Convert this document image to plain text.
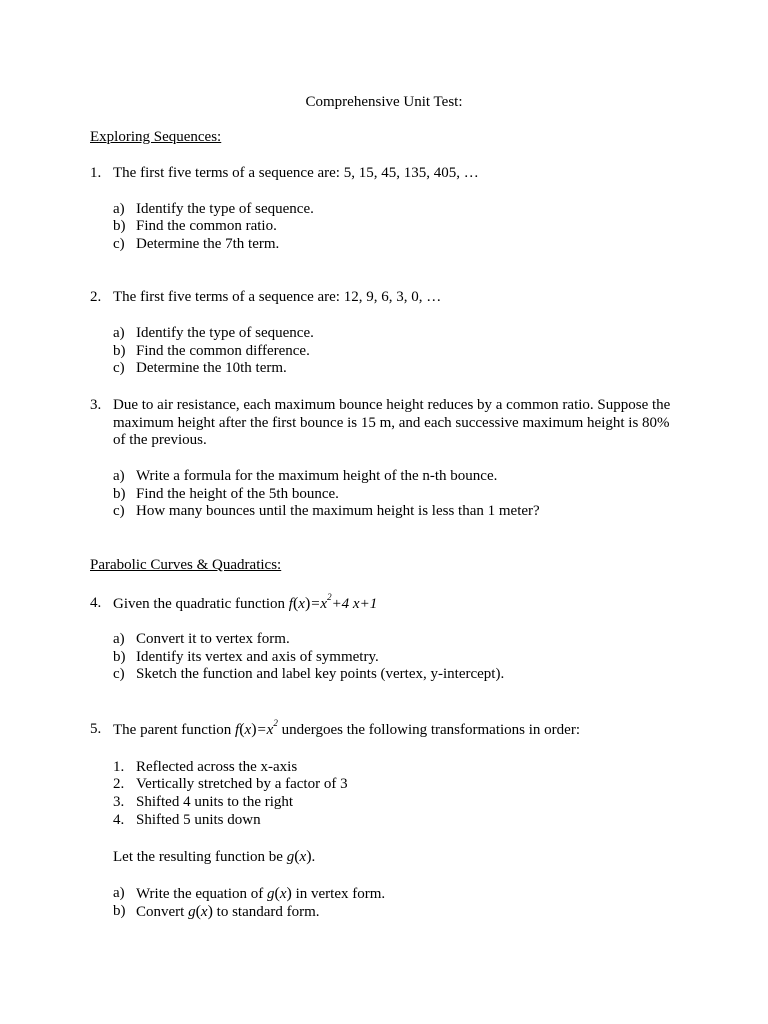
Comprehensive Unit Test:
Exploring Sequences:
1. The first five terms of a sequence are: 5, 15, 45, 135, 405, …
a) Identify the type of sequence.
b) Find the common ratio.
c) Determine the 7th term.
2. The first five terms of a sequence are: 12, 9, 6, 3, 0, …
a) Identify the type of sequence.
b) Find the common difference.
c) Determine the 10th term.
3. Due to air resistance, each maximum bounce height reduces by a common ratio. Suppose the maximum height after the first bounce is 15 m, and each successive maximum height is 80% of the previous.
a) Write a formula for the maximum height of the n-th bounce.
b) Find the height of the 5th bounce.
c) How many bounces until the maximum height is less than 1 meter?
Parabolic Curves & Quadratics:
4. Given the quadratic function $f(x)=x^2+4$ x+1
a) Convert it to vertex form.
b) Identify its vertex and axis of symmetry.
c) Sketch the function and label key points (vertex, y-intercept).
5. The parent function $f(x)=x^2$ undergoes the following transformations in order:
1. Reflected across the x-axis
2. Vertically stretched by a factor of 3
3. Shifted 4 units to the right
4. Shifted 5 units down
Let the resulting function be g(x).
a) Write the equation of g(x) in vertex form.
b) Convert g(x) to standard form.
